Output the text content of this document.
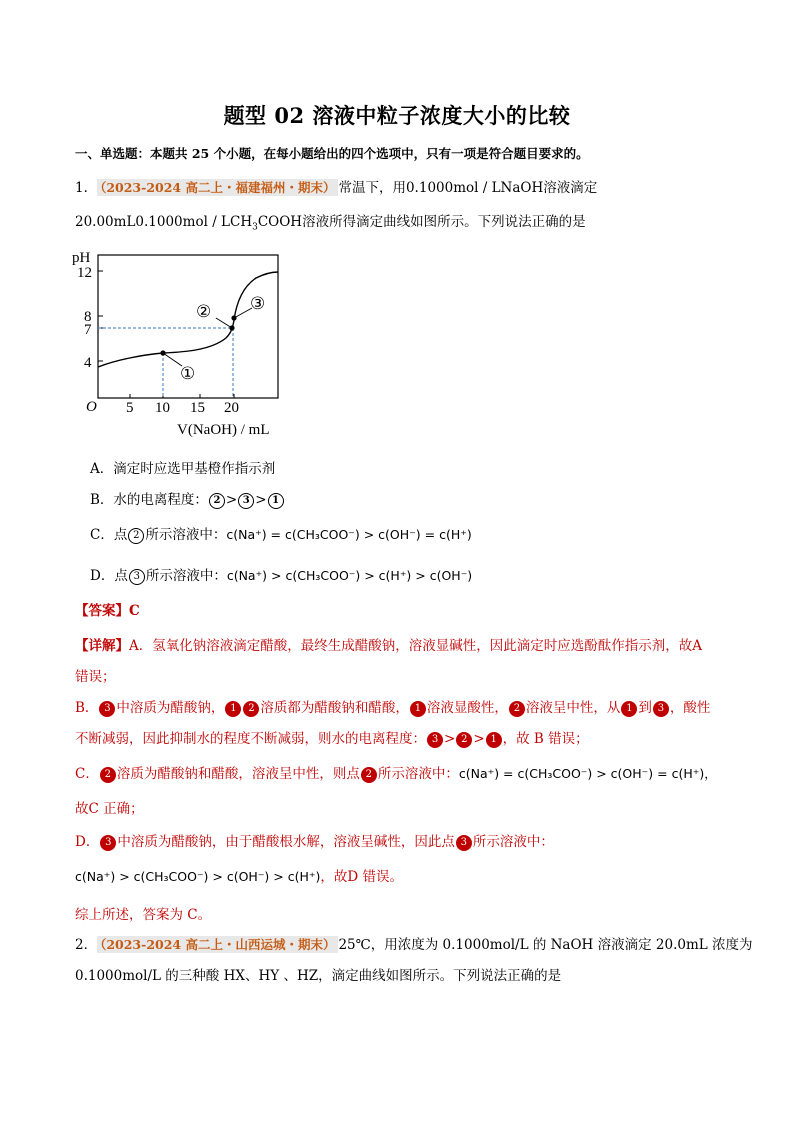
题型 02 溶液中粒子浓度大小的比较
一、单选题：本题共 25 个小题，在每小题给出的四个选项中，只有一项是符合题目要求的。
1． （2023-2024 高二上・福建福州・期末） 常温下，用0.1000mol / LNaOH溶液滴定
$20.00mL0.1000mol / LCH_3COOH$溶液所得滴定曲线如图所示。下列说法正确的是
①
② ③
pH
12
8
7
4
O 5 10 15 20
V(NaOH) / mL
A．滴定时应选甲基橙作指示剂
B．水的电离程度： 2 > 3 > 1
C．点 2 所示溶液中：c(Na⁺) = c(CH₃COO⁻) > c(OH⁻) = c(H⁺)
D．点 3 所示溶液中：c(Na⁺) > c(CH₃COO⁻) > c(H⁺) > c(OH⁻)
【答案】C
【详解】A．氢氧化钠溶液滴定醋酸，最终生成醋酸钠，溶液显碱性，因此滴定时应选酚酞作指示剂，故A
错误；
B． 3 中溶质为醋酸钠， 1 2 溶质都为醋酸钠和醋酸， 1 溶液显酸性， 2 溶液呈中性，从 1 到 3 ，酸性
不断减弱，因此抑制水的程度不断减弱，则水的电离程度： 3 > 2 > 1 ，故 B 错误；
C． 2 溶质为醋酸钠和醋酸，溶液呈中性，则点 2 所示溶液中：c(Na⁺) = c(CH₃COO⁻) > c(OH⁻) = c(H⁺)，
故C 正确；
D． 3 中溶质为醋酸钠，由于醋酸根水解，溶液呈碱性，因此点 3 所示溶液中：
c(Na⁺) > c(CH₃COO⁻) > c(OH⁻) > c(H⁺)，故D 错误。
综上所述，答案为 C。
2． （2023-2024 高二上・山西运城・期末） 25℃，用浓度为 0.1000mol/L 的 NaOH 溶液滴定 20.0mL 浓度为
0.1000mol/L 的三种酸 HX、HY 、HZ，滴定曲线如图所示。下列说法正确的是
